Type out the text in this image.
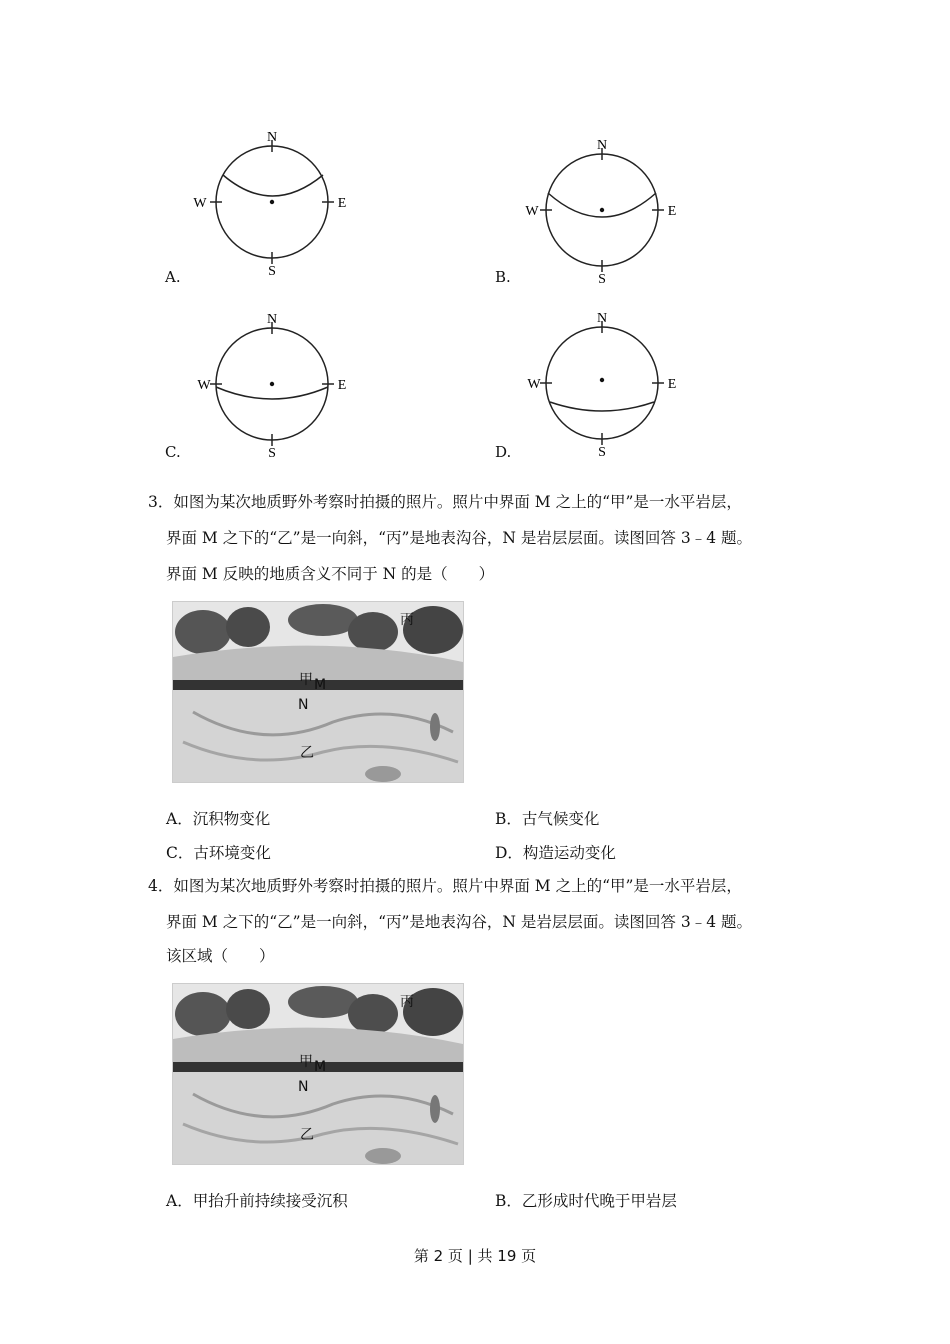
N
S
W	E
A.
N
S
W	E
B.
N
S
W	E
C.
N
S
W	E
D.
3．如图为某次地质野外考察时拍摄的照片。照片中界面 M 之上的“甲”是一水平岩层，
界面 M 之下的“乙”是一向斜，“丙”是地表沟谷，N 是岩层层面。读图回答 3﹣4 题。
界面 M 反映的地质含义不同于 N 的是（　　）
丙
甲 M
N
乙
A．沉积物变化	B．古气候变化
C．古环境变化	D．构造运动变化
4．如图为某次地质野外考察时拍摄的照片。照片中界面 M 之上的“甲”是一水平岩层，
界面 M 之下的“乙”是一向斜，“丙”是地表沟谷，N 是岩层层面。读图回答 3﹣4 题。
该区域（　　）
丙
甲 M
N
乙
A．甲抬升前持续接受沉积	B．乙形成时代晚于甲岩层
第 2 页 | 共 19 页
